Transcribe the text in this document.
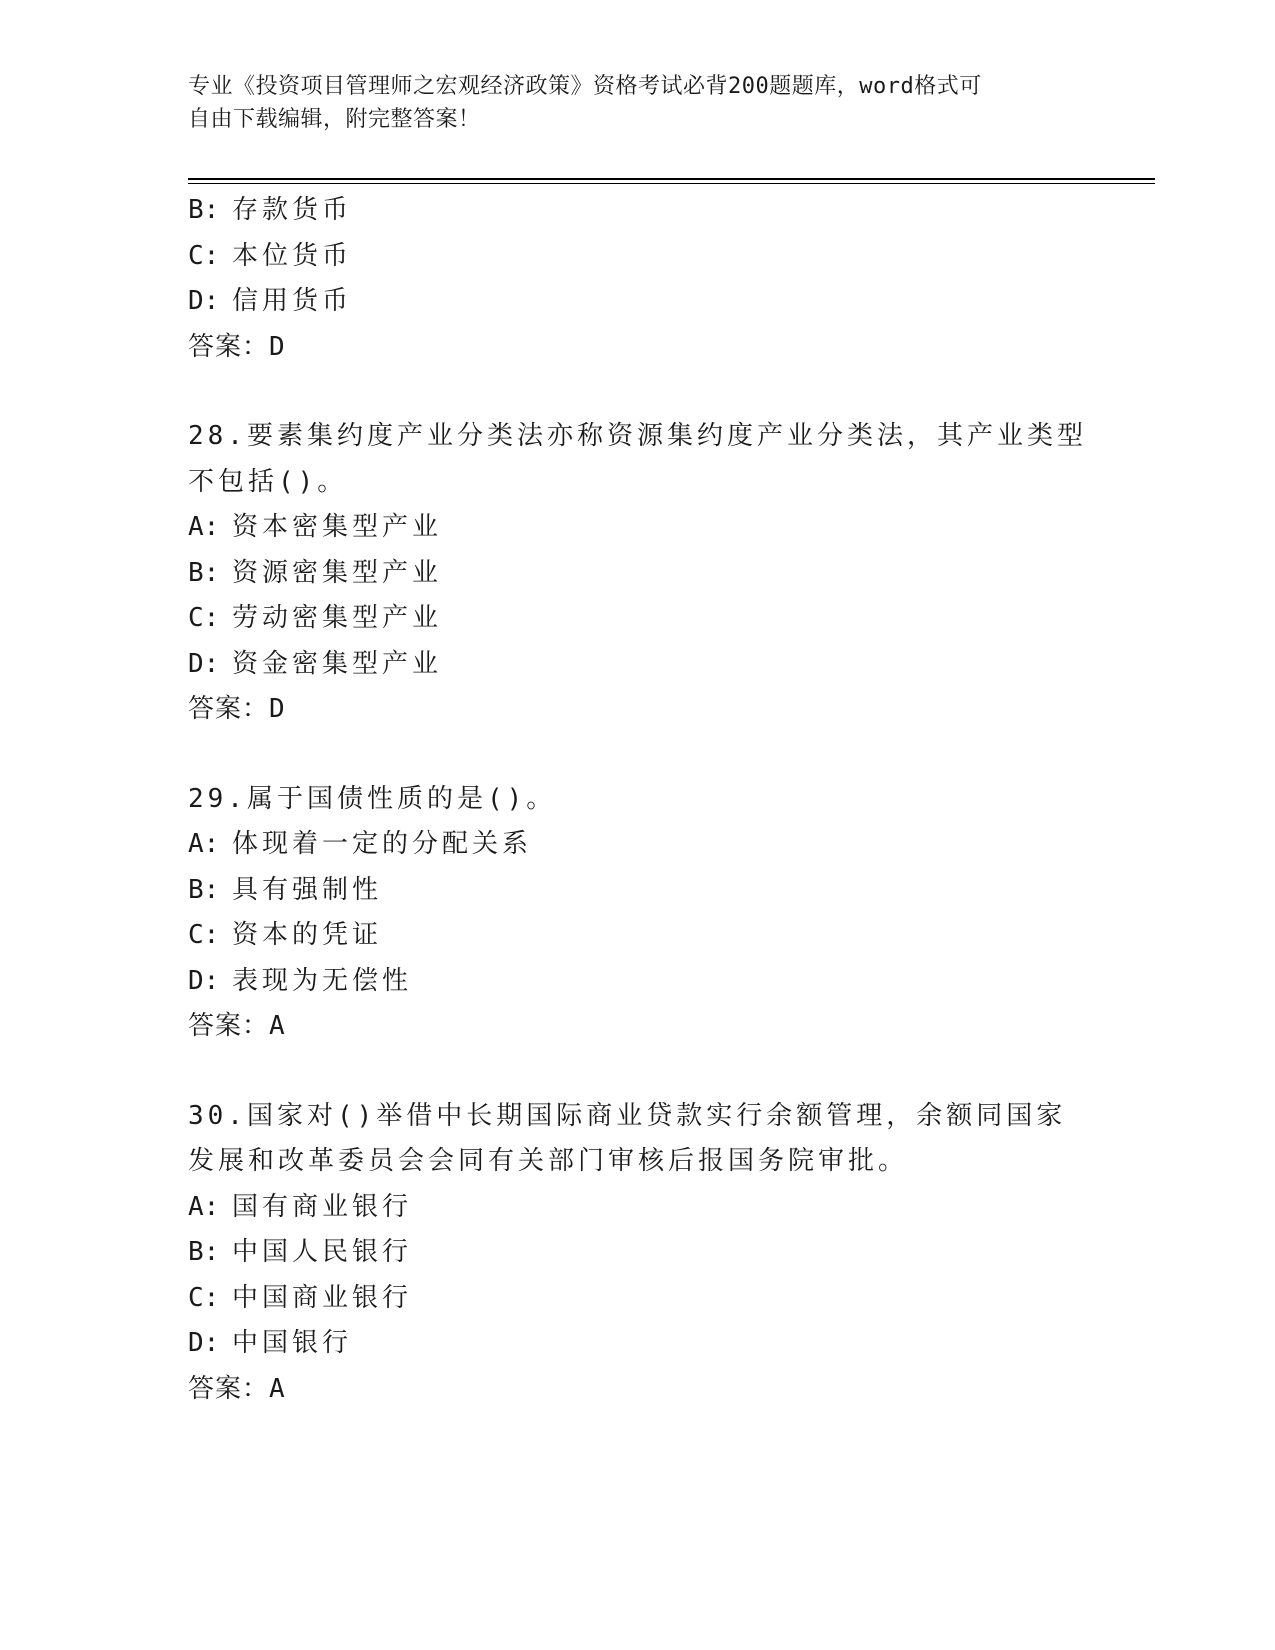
专业《投资项目管理师之宏观经济政策》资格考试必背200题题库，word格式可
自由下载编辑，附完整答案！
B: 存款货币
C: 本位货币
D: 信用货币
答案：D
28.要素集约度产业分类法亦称资源集约度产业分类法，其产业类型不包括()。
A: 资本密集型产业
B: 资源密集型产业
C: 劳动密集型产业
D: 资金密集型产业
答案：D
29.属于国债性质的是()。
A: 体现着一定的分配关系
B: 具有强制性
C: 资本的凭证
D: 表现为无偿性
答案：A
30.国家对()举借中长期国际商业贷款实行余额管理，余额同国家发展和改革委员会会同有关部门审核后报国务院审批。
A: 国有商业银行
B: 中国人民银行
C: 中国商业银行
D: 中国银行
答案：A
